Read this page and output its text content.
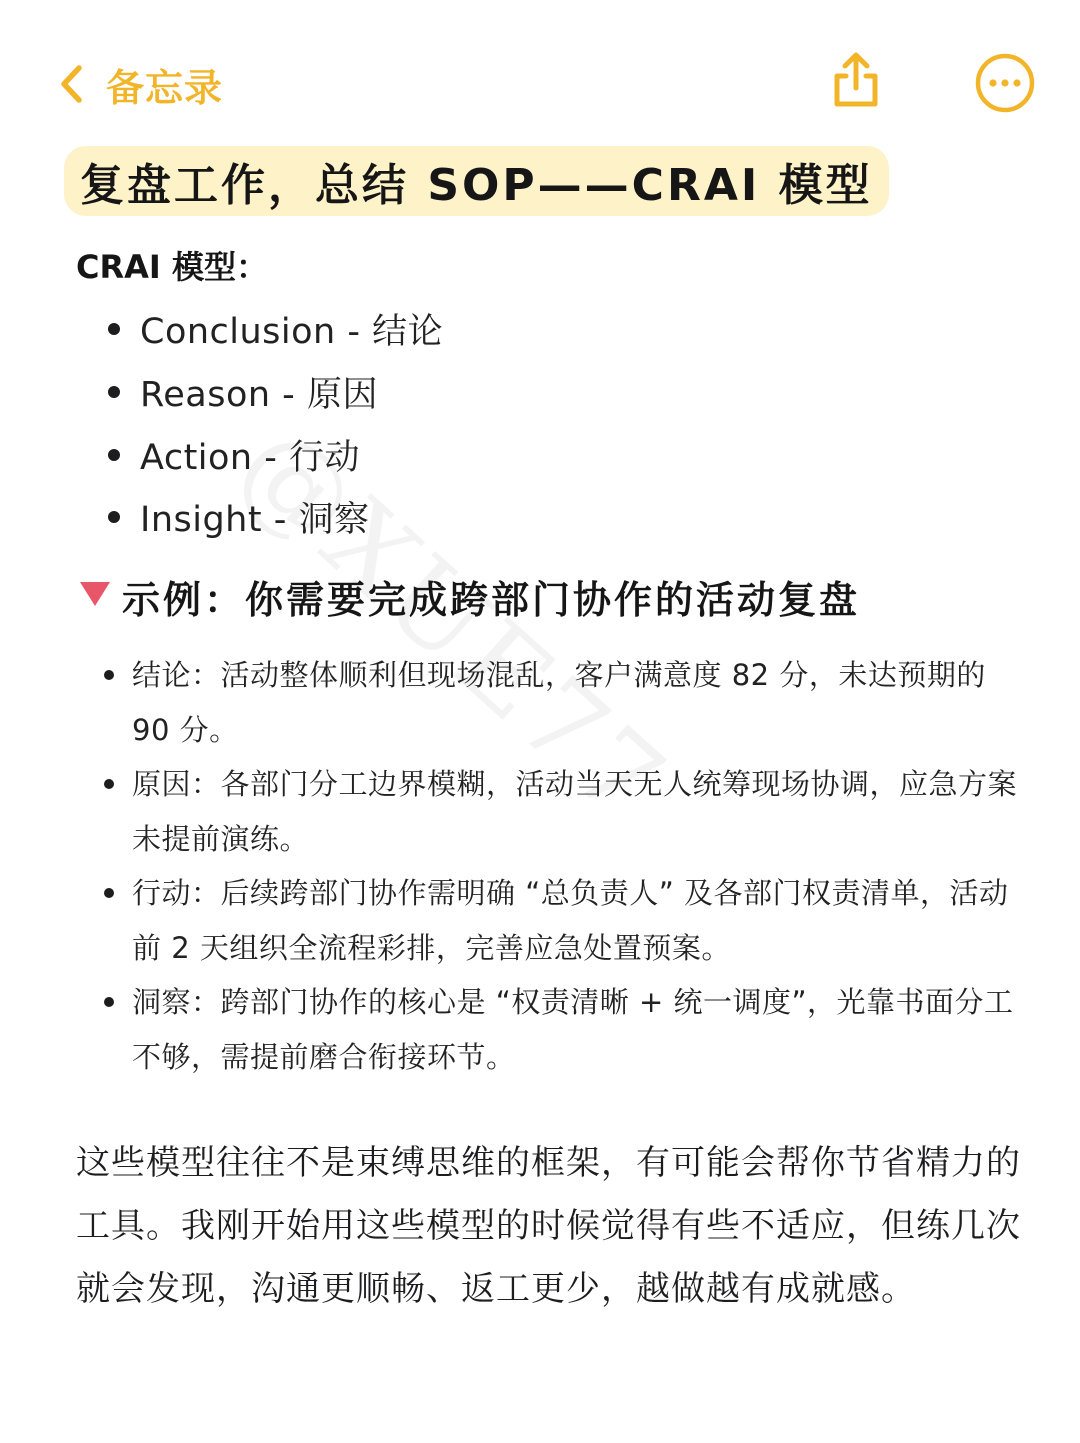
备忘录
复盘工作，总结 SOP——CRAI 模型
CRAI 模型：
Conclusion - 结论
Reason - 原因
Action - 行动
Insight - 洞察
示例：你需要完成跨部门协作的活动复盘
结论：活动整体顺利但现场混乱，客户满意度 82 分，未达预期的 90 分。
原因：各部门分工边界模糊，活动当天无人统筹现场协调，应急方案未提前演练。
行动：后续跨部门协作需明确 “总负责人” 及各部门权责清单，活动前 2 天组织全流程彩排，完善应急处置预案。
洞察：跨部门协作的核心是 “权责清晰 + 统一调度”，光靠书面分工不够，需提前磨合衔接环节。

这些模型往往不是束缚思维的框架，有可能会帮你节省精力的工具。我刚开始用这些模型的时候觉得有些不适应，但练几次就会发现，沟通更顺畅、返工更少，越做越有成就感。
